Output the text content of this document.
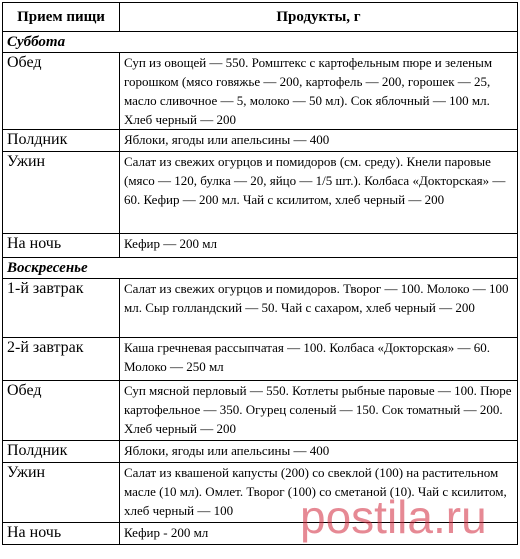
Прием пищи	Продукты, г
Суббота	
Обед	Суп из овощей — 550. Ромштекс с картофельным пюре и зеленым горошком (мясо говяжье — 200, картофель — 200, горошек — 25, масло сливочное — 5, молоко — 50 мл). Сок яблочный — 100 мл. Хлеб черный — 200
Полдник	Яблоки, ягоды или апельсины — 400
Ужин	Салат из свежих огурцов и помидоров (см. среду). Кнели паровые (мясо — 120, булка — 20, яйцо — 1/5 шт.). Колбаса «Докторская» — 60. Кефир — 200 мл. Чай с ксилитом, хлеб черный — 200
На ночь	Кефир — 200 мл
Воскресенье	
1-й завтрак	Салат из свежих огурцов и помидоров. Творог — 100. Молоко — 100 мл. Сыр голландский — 50. Чай с сахаром, хлеб черный — 200
2-й завтрак	Каша гречневая рассыпчатая — 100. Колбаса «Докторская» — 60. Молоко — 250 мл
Обед	Суп мясной перловый — 550. Котлеты рыбные паровые — 100. Пюре картофельное — 350. Огурец соленый — 150. Сок томатный — 200. Хлеб черный — 200
Полдник	Яблоки, ягоды или апельсины — 400
Ужин	Салат из квашеной капусты (200) со свеклой (100) на растительном масле (10 мл). Омлет. Творог (100) со сметаной (10). Чай с ксилитом, хлеб черный — 100
На ночь	Кефир - 200 мл postila.ru
